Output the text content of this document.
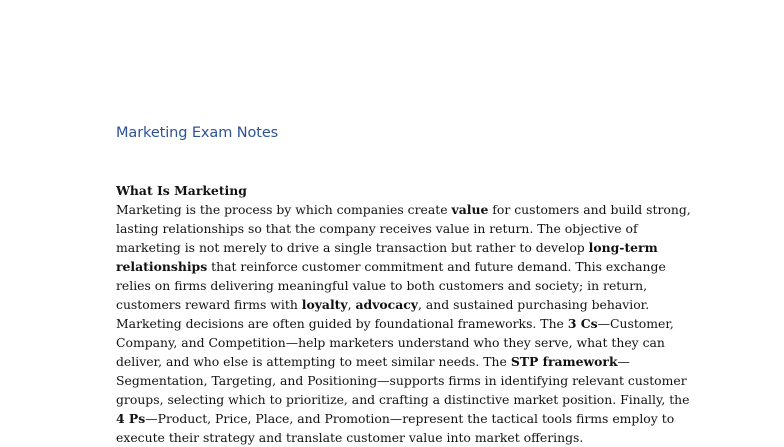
Marketing Exam Notes
What Is Marketing
Marketing is the process by which companies create value for customers and build strong,
lasting relationships so that the company receives value in return. The objective of
marketing is not merely to drive a single transaction but rather to develop long-term
relationships that reinforce customer commitment and future demand. This exchange
relies on firms delivering meaningful value to both customers and society; in return,
customers reward firms with loyalty, advocacy, and sustained purchasing behavior.
Marketing decisions are often guided by foundational frameworks. The 3 Cs—Customer,
Company, and Competition—help marketers understand who they serve, what they can
deliver, and who else is attempting to meet similar needs. The STP framework—
Segmentation, Targeting, and Positioning—supports firms in identifying relevant customer
groups, selecting which to prioritize, and crafting a distinctive market position. Finally, the
4 Ps—Product, Price, Place, and Promotion—represent the tactical tools firms employ to
execute their strategy and translate customer value into market offerings.
